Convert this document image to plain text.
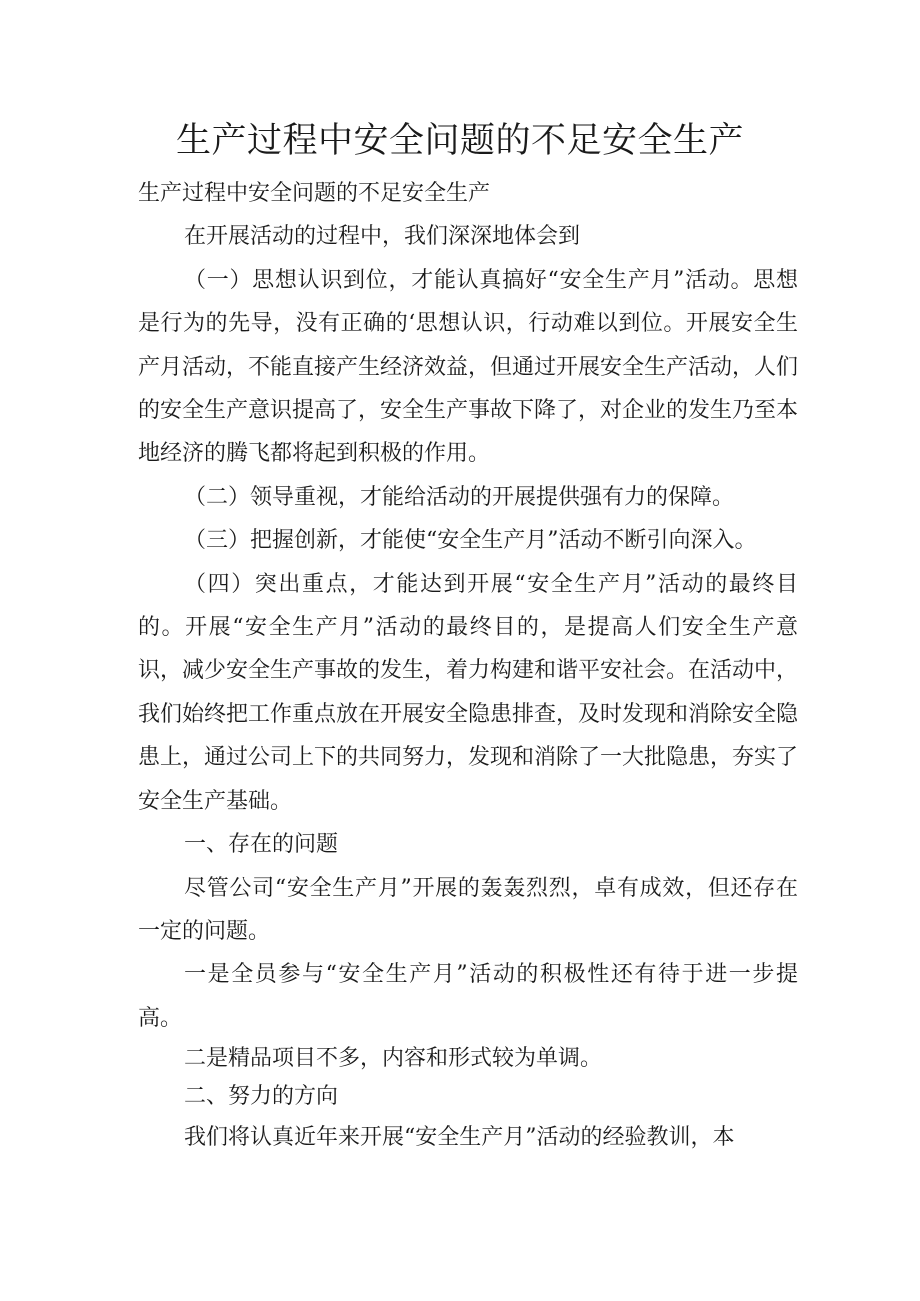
生产过程中安全问题的不足安全生产

生产过程中安全问题的不足安全生产

在开展活动的过程中，我们深深地体会到

（一）思想认识到位，才能认真搞好“安全生产月”活动。思想是行为的先导，没有正确的‘思想认识，行动难以到位。开展安全生产月活动，不能直接产生经济效益，但通过开展安全生产活动，人们的安全生产意识提高了，安全生产事故下降了，对企业的发生乃至本地经济的腾飞都将起到积极的作用。

（二）领导重视，才能给活动的开展提供强有力的保障。

（三）把握创新，才能使“安全生产月”活动不断引向深入。

（四）突出重点，才能达到开展“安全生产月”活动的最终目的。开展“安全生产月”活动的最终目的，是提高人们安全生产意识，减少安全生产事故的发生，着力构建和谐平安社会。在活动中，我们始终把工作重点放在开展安全隐患排查，及时发现和消除安全隐患上，通过公司上下的共同努力，发现和消除了一大批隐患，夯实了安全生产基础。

一、存在的问题

尽管公司“安全生产月”开展的轰轰烈烈，卓有成效，但还存在一定的问题。

一是全员参与“安全生产月”活动的积极性还有待于进一步提高。

二是精品项目不多，内容和形式较为单调。

二、努力的方向

我们将认真近年来开展“安全生产月”活动的经验教训，本
